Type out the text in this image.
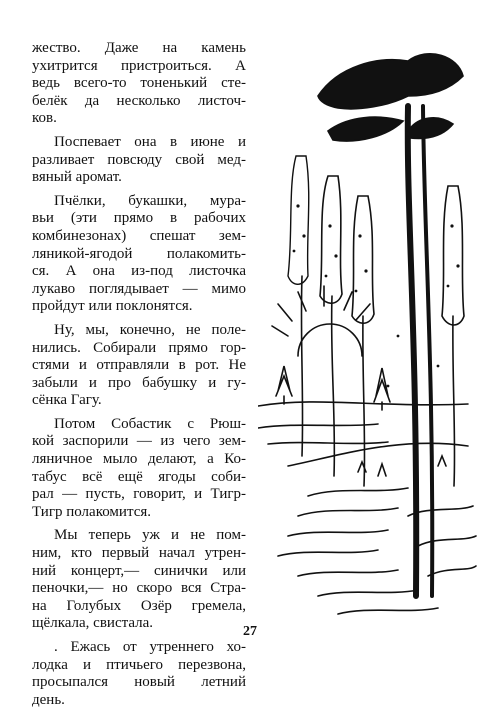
жество. Даже на камень
ухитрится пристроиться. А
ведь всего-то тоненький сте-
белёк да несколько листоч-
ков.

Поспевает она в июне и
разливает повсюду свой мед-
вяный аромат.

Пчёлки, букашки, мура-
вьи (эти прямо в рабочих
комбинезонах) спешат зем-
ляникой-ягодой полакомить-
ся. А она из-под листочка
лукаво поглядывает — мимо
пройдут или поклонятся.

Ну, мы, конечно, не поле-
нились. Собирали прямо гор-
стями и отправляли в рот. Не
забыли и про бабушку и гу-
сёнка Гагу.

Потом Собастик с Рюш-
кой заспорили — из чего зем-
ляничное мыло делают, а Ко-
табус всё ещё ягоды соби-
рал — пусть, говорит, и Тигр-
Тигр полакомится.

Мы теперь уж и не пом-
ним, кто первый начал утрен-
ний концерт,— синички или
пеночки,— но скоро вся Стра-
на Голубых Озёр гремела,
щёлкала, свистала.

. Ежась от утреннего хо-
лодка и птичьего перезвона,
просыпался новый летний
день.

27
